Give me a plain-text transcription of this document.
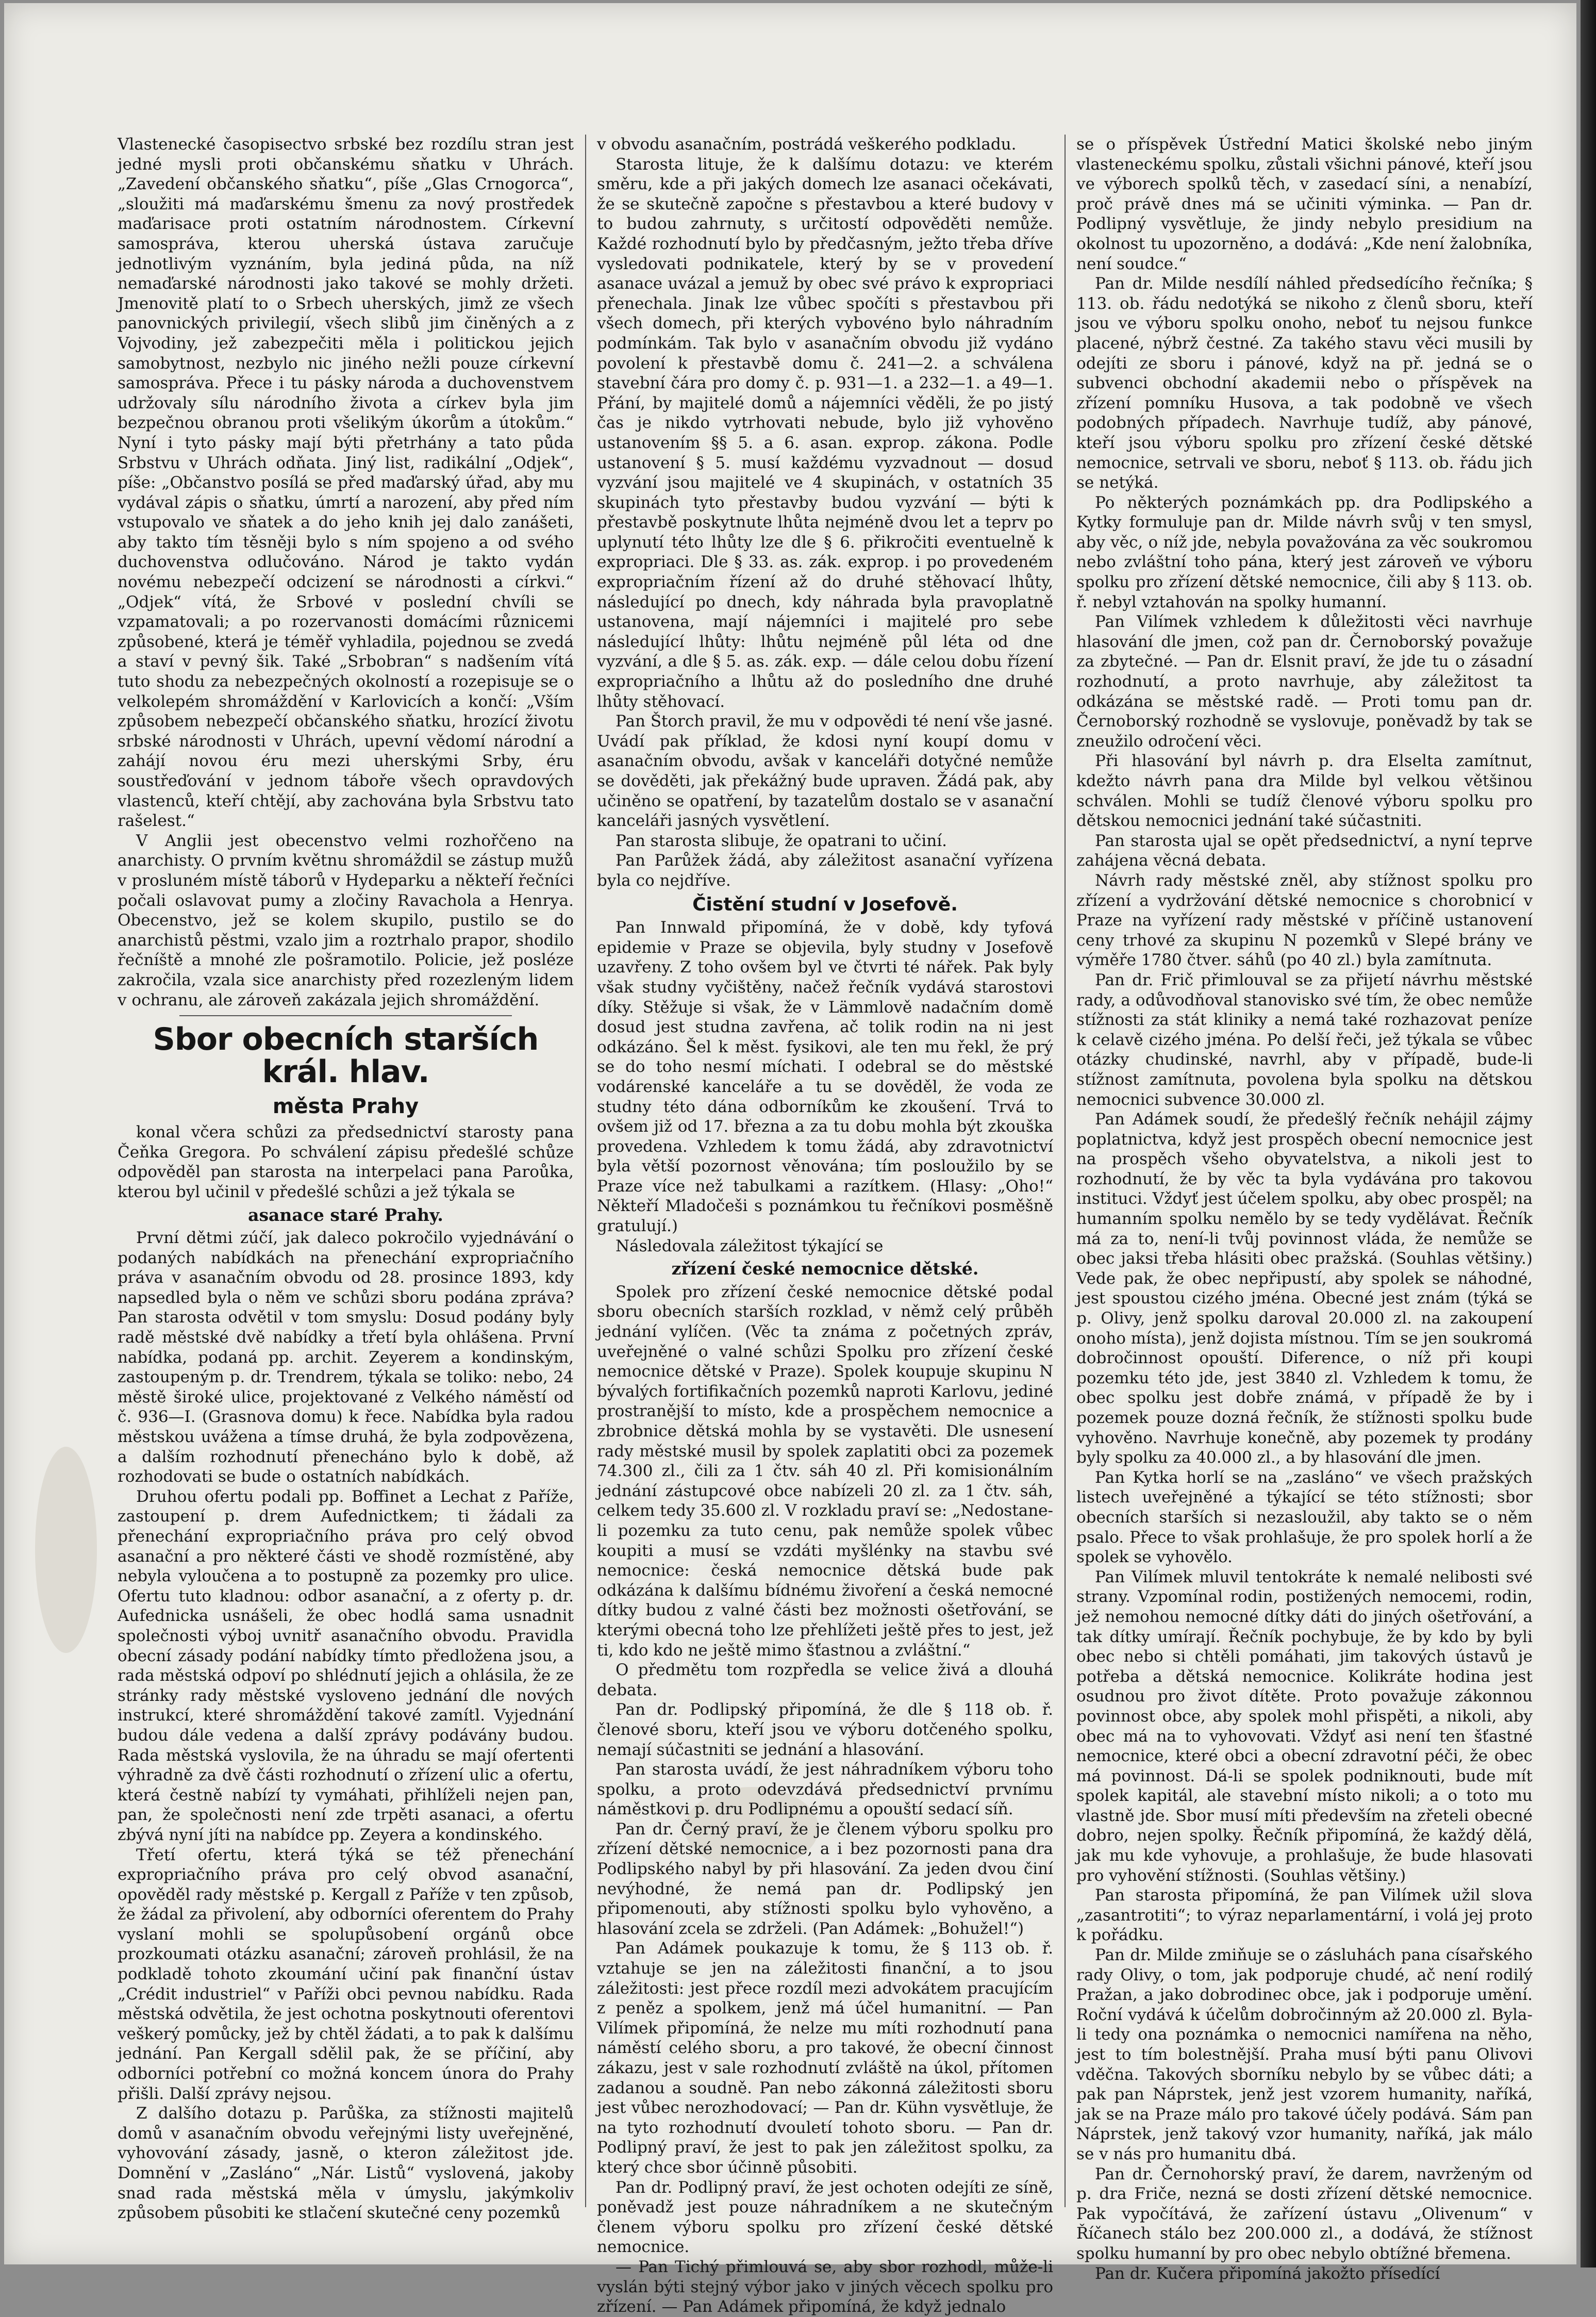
Vlastenecké časopisectvo srbské bez rozdílu stran jest jedné mysli proti občanskému sňatku v Uhrách. „Zavedení občanského sňatku“, píše „Glas Crnogorca“, „sloužiti má maďarskému šmenu za nový prostředek maďarisace proti ostatním národnostem. Církevní samospráva, kterou uherská ústava zaručuje jednotlivým vyznáním, byla jediná půda, na níž nemaďarské národnosti jako takové se mohly držeti. Jmenovitě platí to o Srbech uherských, jimž ze všech panovnických privilegií, všech slibů jim činěných a z Vojvodiny, jež zabezpečiti měla i politickou jejich samobytnost, nezbylo nic jiného nežli pouze církevní samospráva. Přece i tu pásky národa a duchovenstvem udržovaly sílu národního života a církev byla jim bezpečnou obranou proti všelikým úkorům a útokům.“ Nyní i tyto pásky mají býti přetrhány a tato půda Srbstvu v Uhrách odňata. Jiný list, radikální „Odjek“, píše: „Občanstvo posílá se před maďarský úřad, aby mu vydával zápis o sňatku, úmrtí a narození, aby před ním vstupovalo ve sňatek a do jeho knih jej dalo zanášeti, aby takto tím těsněji bylo s ním spojeno a od svého duchovenstva odlučováno. Národ je takto vydán novému nebezpečí odcizení se národnosti a církvi.“ „Odjek“ vítá, že Srbové v poslední chvíli se vzpamatovali; a po rozervanosti domácími různicemi způsobené, která je téměř vyhladila, pojednou se zvedá a staví v pevný šik. Také „Srbobran“ s nadšením vítá tuto shodu za nebezpečných okolností a rozepisuje se o velkolepém shromáždění v Karlovicích a končí: „Vším způsobem nebezpečí občanského sňatku, hrozící životu srbské národnosti v Uhrách, upevní vědomí národní a zahájí novou éru mezi uherskými Srby, éru soustřeďování v jednom táboře všech opravdových vlastenců, kteří chtějí, aby zachována byla Srbstvu tato rašelest.“

V Anglii jest obecenstvo velmi rozhořčeno na anarchisty. O prvním květnu shromáždil se zástup mužů v prosluném místě táborů v Hydeparku a někteří řečníci počali oslavovat pumy a zločiny Ravachola a Henrya. Obecenstvo, jež se kolem skupilo, pustilo se do anarchistů pěstmi, vzalo jim a roztrhalo prapor, shodilo řečníště a mnohé zle pošramotilo. Policie, jež posléze zakročila, vzala sice anarchisty před rozezleným lidem v ochranu, ale zároveň zakázala jejich shromáždění.

Sbor obecních starších král. hlav.
města Prahy

konal včera schůzi za předsednictví starosty pana Čeňka Gregora. Po schválení zápisu předešlé schůze odpověděl pan starosta na interpelaci pana Paroůka, kterou byl učinil v předešlé schůzi a jež týkala se

asanace staré Prahy.

První dětmi zúčí, jak daleco pokročilo vyjednávání o podaných nabídkách na přenechání expropriačního práva v asanačním obvodu od 28. prosince 1893, kdy napsedled byla o něm ve schůzi sboru podána zpráva? Pan starosta odvětil v tom smyslu: Dosud podány byly radě městské dvě nabídky a třetí byla ohlášena. První nabídka, podaná pp. archit. Zeyerem a kondinským, zastoupeným p. dr. Trendrem, týkala se toliko: nebo, 24 městě široké ulice, projektované z Velkého náměstí od č. 936—I. (Grasnova domu) k řece. Nabídka byla radou městskou uvážena a tímse druhá, že byla zodpovězena, a dalším rozhodnutí přenecháno bylo k době, až rozhodovati se bude o ostatních nabídkách.

Druhou ofertu podali pp. Boffinet a Lechat z Paříže, zastoupení p. drem Aufednictkem; ti žádali za přenechání expropriačního práva pro celý obvod asanační a pro některé části ve shodě rozmístěné, aby nebyla vyloučena a to postupně za pozemky pro ulice. Ofertu tuto kladnou: odbor asanační, a z oferty p. dr. Aufednicka usnášeli, že obec hodlá sama usnadnit společnosti výboj uvnitř asanačního obvodu. Pravidla obecní zásady podání nabídky tímto předložena jsou, a rada městská odpoví po shlédnutí jejich a ohlásila, že ze stránky rady městské vysloveno jednání dle nových instrukcí, které shromáždění takové zamítl. Vyjednání budou dále vedena a další zprávy podávány budou. Rada městská vyslovila, že na úhradu se mají ofertenti výhradně za dvě části rozhodnutí o zřízení ulic a ofertu, která čestně nabízí ty vymáhati, přihlíželi nejen pan, pan, že společnosti není zde trpěti asanaci, a ofertu zbývá nyní jíti na nabídce pp. Zeyera a kondinského.

Třetí ofertu, která týká se též přenechání expropriačního práva pro celý obvod asanační, opověděl rady městské p. Kergall z Paříže v ten způsob, že žádal za přivolení, aby odborníci oferentem do Prahy vyslaní mohli se spolupůsobení orgánů obce prozkoumati otázku asanační; zároveň prohlásil, že na podkladě tohoto zkoumání učiní pak finanční ústav „Crédit industriel“ v Paříži obci pevnou nabídku. Rada městská odvětila, že jest ochotna poskytnouti oferentovi veškerý pomůcky, jež by chtěl žádati, a to pak k dalšímu jednání. Pan Kergall sdělil pak, že se příčiní, aby odborníci potřební co možná koncem února do Prahy přišli. Další zprávy nejsou.

Z dalšího dotazu p. Parůška, za stížnosti majitelů domů v asanačním obvodu veřejnými listy uveřejněné, vyhovování zásady, jasně, o kteron záležitost jde. Domnění v „Zasláno“ „Nár. Listů“ vyslovená, jakoby snad rada městská měla v úmyslu, jakýmkoliv způsobem působiti ke stlačení skutečné ceny pozemků

v obvodu asanačním, postrádá veškerého podkladu.

Starosta lituje, že k dalšímu dotazu: ve kterém směru, kde a při jakých domech lze asanaci očekávati, že se skutečně započne s přestavbou a které budovy v to budou zahrnuty, s určitostí odpověděti nemůže. Každé rozhodnutí bylo by předčasným, ježto třeba dříve vysledovati podnikatele, který by se v provedení asanace uvázal a jemuž by obec své právo k expropriaci přenechala. Jinak lze vůbec spočíti s přestavbou při všech domech, při kterých vybovéno bylo náhradním podmínkám. Tak bylo v asanačním obvodu již vydáno povolení k přestavbě domu č. 241—2. a schválena stavební čára pro domy č. p. 931—1. a 232—1. a 49—1. Přání, by majitelé domů a nájemníci věděli, že po jistý čas je nikdo vytrhovati nebude, bylo již vyhověno ustanovením §§ 5. a 6. asan. exprop. zákona. Podle ustanovení § 5. musí každému vyzvadnout — dosud vyzvání jsou majitelé ve 4 skupinách, v ostatních 35 skupinách tyto přestavby budou vyzvání — býti k přestavbě poskytnute lhůta nejméně dvou let a teprv po uplynutí této lhůty lze dle § 6. přikročiti eventuelně k expropriaci. Dle § 33. as. zák. exprop. i po provedeném expropriačním řízení až do druhé stěhovací lhůty, následující po dnech, kdy náhrada byla pravoplatně ustanovena, mají nájemníci i majitelé pro sebe následující lhůty: lhůtu nejméně půl léta od dne vyzvání, a dle § 5. as. zák. exp. — dále celou dobu řízení expropriačního a lhůtu až do posledního dne druhé lhůty stěhovací.

Pan Štorch pravil, že mu v odpovědi té není vše jasné. Uvádí pak příklad, že kdosi nyní koupí domu v asanačním obvodu, avšak v kanceláři dotyčné nemůže se dověděti, jak překážný bude upraven. Žádá pak, aby učiněno se opatření, by tazatelům dostalo se v asanační kanceláři jasných vysvětlení.

Pan starosta slibuje, že opatrani to učiní.

Pan Parůžek žádá, aby záležitost asanační vyřízena byla co nejdříve.

Čistění studní v Josefově.

Pan Innwald připomíná, že v době, kdy tyfová epidemie v Praze se objevila, byly studny v Josefově uzavřeny. Z toho ovšem byl ve čtvrti té nářek. Pak byly však studny vyčištěny, načež řečník vydává starostovi díky. Stěžuje si však, že v Lämmlově nadačním domě dosud jest studna zavřena, ač tolik rodin na ni jest odkázáno. Šel k měst. fysikovi, ale ten mu řekl, že prý se do toho nesmí míchati. I odebral se do městské vodárenské kanceláře a tu se dověděl, že voda ze studny této dána odborníkům ke zkoušení. Trvá to ovšem již od 17. března a za tu dobu mohla být zkouška provedena. Vzhledem k tomu žádá, aby zdravotnictví byla větší pozornost věnována; tím posloužilo by se Praze více než tabulkami a razítkem. (Hlasy: „Oho!“ Někteří Mladočeši s poznámkou tu řečníkovi posměšně gratulují.)

Následovala záležitost týkající se

zřízení české nemocnice dětské.

Spolek pro zřízení české nemocnice dětské podal sboru obecních starších rozklad, v němž celý průběh jednání vylíčen. (Věc ta známa z početných zpráv, uveřejněné o valné schůzi Spolku pro zřízení české nemocnice dětské v Praze). Spolek koupuje skupinu N bývalých fortifikačních pozemků naproti Karlovu, jediné prostranější to místo, kde a prospěchem nemocnice a zbrobnice dětská mohla by se vystavěti. Dle usnesení rady městské musil by spolek zaplatiti obci za pozemek 74.300 zl., čili za 1 čtv. sáh 40 zl. Při komisionálním jednání zástupcové obce nabízeli 20 zl. za 1 čtv. sáh, celkem tedy 35.600 zl. V rozkladu praví se: „Nedostane-li pozemku za tuto cenu, pak nemůže spolek vůbec koupiti a musí se vzdáti myšlénky na stavbu své nemocnice: česká nemocnice dětská bude pak odkázána k dalšímu bídnému živoření a česká nemocné dítky budou z valné části bez možnosti ošetřování, se kterými obecná toho lze přehlížeti ještě přes to jest, jež ti, kdo kdo ne ještě mimo šťastnou a zvláštní.“

O předmětu tom rozpředla se velice živá a dlouhá debata.

Pan dr. Podlipský připomíná, že dle § 118 ob. ř. členové sboru, kteří jsou ve výboru dotčeného spolku, nemají súčastniti se jednání a hlasování.

Pan starosta uvádí, že jest náhradníkem výboru toho spolku, a proto odevzdává předsednictví prvnímu náměstkovi p. dru Podlipnému a opouští sedací síň.

Pan dr. Černý praví, že je členem výboru spolku pro zřízení dětské nemocnice, a i bez pozornosti pana dra Podlipského nabyl by při hlasování. Za jeden dvou činí nevýhodné, že nemá pan dr. Podlipský jen připomenouti, aby stížnosti spolku bylo vyhověno, a hlasování zcela se zdrželi. (Pan Adámek: „Bohužel!“)

Pan Adámek poukazuje k tomu, že § 113 ob. ř. vztahuje se jen na záležitosti finanční, a to jsou záležitosti: jest přece rozdíl mezi advokátem pracujícím z peněz a spolkem, jenž má účel humanitní. — Pan Vilímek připomíná, že nelze mu míti rozhodnutí pana náměstí celého sboru, a pro takové, že obecní činnost zákazu, jest v sale rozhodnutí zvláště na úkol, přítomen zadanou a soudně. Pan nebo zákonná záležitosti sboru jest vůbec nerozhodovací; — Pan dr. Kühn vysvětluje, že na tyto rozhodnutí dvouletí tohoto sboru. — Pan dr. Podlipný praví, že jest to pak jen záležitost spolku, za který chce sbor účinně působiti.

Pan dr. Podlipný praví, že jest ochoten odejíti ze síně, poněvadž jest pouze náhradníkem a ne skutečným členem výboru spolku pro zřízení české dětské nemocnice.

— Pan Tichý přimlouvá se, aby sbor rozhodl, může-li vyslán býti stejný výbor jako v jiných věcech spolku pro zřízení. — Pan Adámek připomíná, že když jednalo

se o příspěvek Ústřední Matici školské nebo jiným vlasteneckému spolku, zůstali všichni pánové, kteří jsou ve výborech spolků těch, v zasedací síni, a nenabízí, proč právě dnes má se učiniti výminka. — Pan dr. Podlipný vysvětluje, že jindy nebylo presidium na okolnost tu upozorněno, a dodává: „Kde není žalobníka, není soudce.“

Pan dr. Milde nesdílí náhled předsedícího řečníka; § 113. ob. řádu nedotýká se nikoho z členů sboru, kteří jsou ve výboru spolku onoho, neboť tu nejsou funkce placené, nýbrž čestné. Za takého stavu věci musili by odejíti ze sboru i pánové, když na př. jedná se o subvenci obchodní akademii nebo o příspěvek na zřízení pomníku Husova, a tak podobně ve všech podobných případech. Navrhuje tudíž, aby pánové, kteří jsou výboru spolku pro zřízení české dětské nemocnice, setrvali ve sboru, neboť § 113. ob. řádu jich se netýká.

Po některých poznámkách pp. dra Podlipského a Kytky formuluje pan dr. Milde návrh svůj v ten smysl, aby věc, o níž jde, nebyla považována za věc soukromou nebo zvláštní toho pána, který jest zároveň ve výboru spolku pro zřízení dětské nemocnice, čili aby § 113. ob. ř. nebyl vztahován na spolky humanní.

Pan Vilímek vzhledem k důležitosti věci navrhuje hlasování dle jmen, což pan dr. Černoborský považuje za zbytečné. — Pan dr. Elsnit praví, že jde tu o zásadní rozhodnutí, a proto navrhuje, aby záležitost ta odkázána se městské radě. — Proti tomu pan dr. Černoborský rozhodně se vyslovuje, poněvadž by tak se zneužilo odročení věci.

Při hlasování byl návrh p. dra Elselta zamítnut, kdežto návrh pana dra Milde byl velkou většinou schválen. Mohli se tudíž členové výboru spolku pro dětskou nemocnici jednání také súčastniti.

Pan starosta ujal se opět předsednictví, a nyní teprve zahájena věcná debata.

Návrh rady městské zněl, aby stížnost spolku pro zřízení a vydržování dětské nemocnice s chorobnicí v Praze na vyřízení rady městské v příčině ustanovení ceny trhové za skupinu N pozemků v Slepé brány ve výměře 1780 čtver. sáhů (po 40 zl.) byla zamítnuta.

Pan dr. Frič přimlouval se za přijetí návrhu městské rady, a odůvodňoval stanovisko své tím, že obec nemůže stížnosti za stát kliniky a nemá také rozhazovat peníze k celavě cizého jména. Po delší řeči, jež týkala se vůbec otázky chudinské, navrhl, aby v případě, bude-li stížnost zamítnuta, povolena byla spolku na dětskou nemocnici subvence 30.000 zl.

Pan Adámek soudí, že předešlý řečník nehájil zájmy poplatnictva, když jest prospěch obecní nemocnice jest na prospěch všeho obyvatelstva, a nikoli jest to rozhodnutí, že by věc ta byla vydávána pro takovou instituci. Vždyť jest účelem spolku, aby obec prospěl; na humanním spolku nemělo by se tedy vydělávat. Řečník má za to, není-li tvůj povinnost vláda, že nemůže se obec jaksi třeba hlásiti obec pražská. (Souhlas většiny.) Vede pak, že obec nepřipustí, aby spolek se náhodné, jest spoustou cizého jména. Obecné jest znám (týká se p. Olivy, jenž spolku daroval 20.000 zl. na zakoupení onoho místa), jenž dojista místnou. Tím se jen soukromá dobročinnost opouští. Diference, o níž při koupi pozemku této jde, jest 3840 zl. Vzhledem k tomu, že obec spolku jest dobře známá, v případě že by i pozemek pouze dozná řečník, že stížnosti spolku bude vyhověno. Navrhuje konečně, aby pozemek ty prodány byly spolku za 40.000 zl., a by hlasování dle jmen.

Pan Kytka horlí se na „zasláno“ ve všech pražských listech uveřejněné a týkající se této stížnosti; sbor obecních starších si nezasloužil, aby takto se o něm psalo. Přece to však prohlašuje, že pro spolek horlí a že spolek se vyhovělo.

Pan Vilímek mluvil tentokráte k nemalé nelibosti své strany. Vzpomínal rodin, postižených nemocemi, rodin, jež nemohou nemocné dítky dáti do jiných ošetřování, a tak dítky umírají. Řečník pochybuje, že by kdo by byli obec nebo si chtěli pomáhati, jim takových ústavů je potřeba a dětská nemocnice. Kolikráte hodina jest osudnou pro život dítěte. Proto považuje zákonnou povinnost obce, aby spolek mohl přispěti, a nikoli, aby obec má na to vyhovovati. Vždyť asi není ten šťastné nemocnice, které obci a obecní zdravotní péči, že obec má povinnost. Dá-li se spolek podniknouti, bude mít spolek kapitál, ale stavební místo nikoli; a o toto mu vlastně jde. Sbor musí míti především na zřeteli obecné dobro, nejen spolky. Řečník připomíná, že každý dělá, jak mu kde vyhovuje, a prohlašuje, že bude hlasovati pro vyhovění stížnosti. (Souhlas většiny.)

Pan starosta připomíná, že pan Vilímek užil slova „zasantrotiti“; to výraz neparlamentární, i volá jej proto k pořádku.

Pan dr. Milde zmiňuje se o zásluhách pana císařského rady Olivy, o tom, jak podporuje chudé, ač není rodilý Pražan, a jako dobrodinec obce, jak i podporuje umění. Roční vydává k účelům dobročinným až 20.000 zl. Byla-li tedy ona poznámka o nemocnici namířena na něho, jest to tím bolestnější. Praha musí býti panu Olivovi vděčna. Takových sborníku nebylo by se vůbec dáti; a pak pan Náprstek, jenž jest vzorem humanity, naříká, jak se na Praze málo pro takové účely podává. Sám pan Náprstek, jenž takový vzor humanity, naříká, jak málo se v nás pro humanitu dbá.

Pan dr. Černohorský praví, že darem, navrženým od p. dra Friče, nezná se dosti zřízení dětské nemocnice. Pak vypočítává, že zařízení ústavu „Olivenum“ v Říčanech stálo bez 200.000 zl., a dodává, že stížnost spolku humanní by pro obec nebylo obtížné břemena.

Pan dr. Kučera připomíná jakožto přísedící
